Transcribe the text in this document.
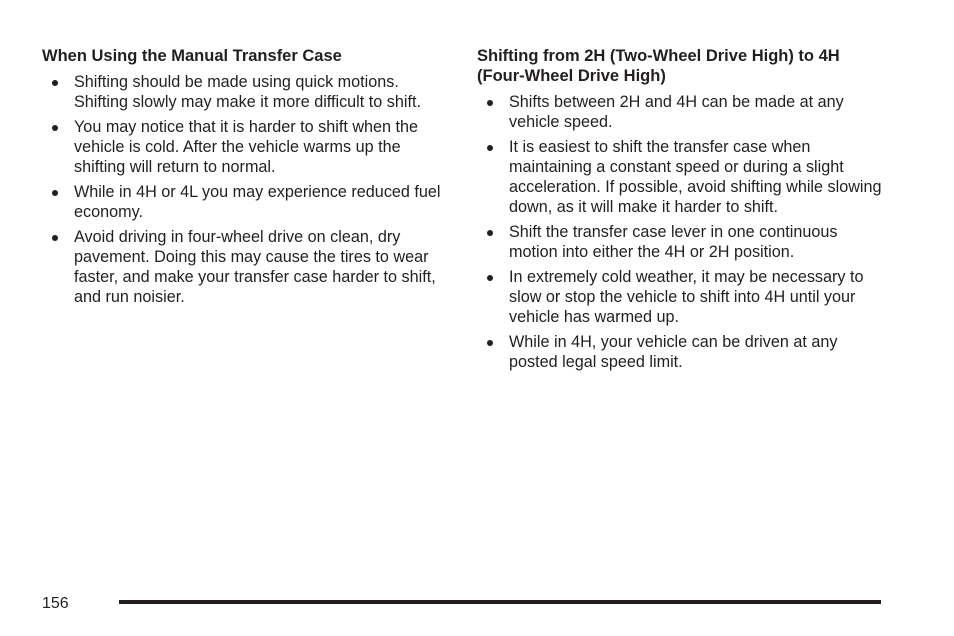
When Using the Manual Transfer Case
Shifting should be made using quick motions. Shifting slowly may make it more difficult to shift.
You may notice that it is harder to shift when the vehicle is cold. After the vehicle warms up the shifting will return to normal.
While in 4H or 4L you may experience reduced fuel economy.
Avoid driving in four-wheel drive on clean, dry pavement. Doing this may cause the tires to wear faster, and make your transfer case harder to shift, and run noisier.
Shifting from 2H (Two-Wheel Drive High) to 4H (Four-Wheel Drive High)
Shifts between 2H and 4H can be made at any vehicle speed.
It is easiest to shift the transfer case when maintaining a constant speed or during a slight acceleration. If possible, avoid shifting while slowing down, as it will make it harder to shift.
Shift the transfer case lever in one continuous motion into either the 4H or 2H position.
In extremely cold weather, it may be necessary to slow or stop the vehicle to shift into 4H until your vehicle has warmed up.
While in 4H, your vehicle can be driven at any posted legal speed limit.
156
